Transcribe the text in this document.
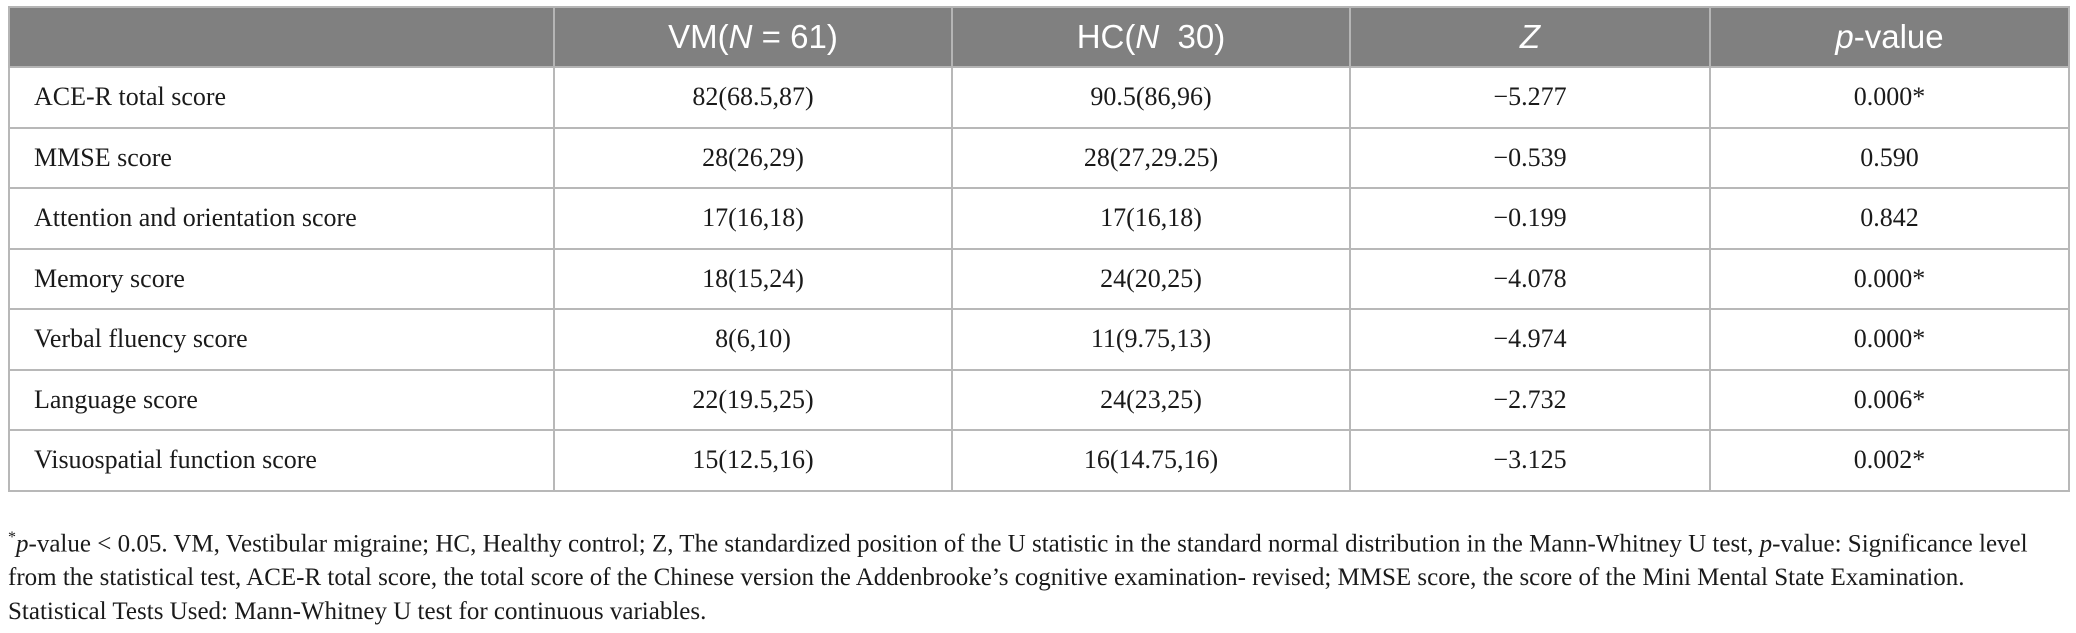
	VM(N = 61)	HC(N  30)	Z	p-value
ACE-R total score	82(68.5,87)	90.5(86,96)	−5.277	0.000*
MMSE score	28(26,29)	28(27,29.25)	−0.539	0.590
Attention and orientation score	17(16,18)	17(16,18)	−0.199	0.842
Memory score	18(15,24)	24(20,25)	−4.078	0.000*
Verbal fluency score	8(6,10)	11(9.75,13)	−4.974	0.000*
Language score	22(19.5,25)	24(23,25)	−2.732	0.006*
Visuospatial function score	15(12.5,16)	16(14.75,16)	−3.125	0.002*

*p-value < 0.05. VM, Vestibular migraine; HC, Healthy control; Z, The standardized position of the U statistic in the standard normal distribution in the Mann-Whitney U test, p-value: Significance level from the statistical test, ACE-R total score, the total score of the Chinese version the Addenbrooke’s cognitive examination- revised; MMSE score, the score of the Mini Mental State Examination. Statistical Tests Used: Mann-Whitney U test for continuous variables.
